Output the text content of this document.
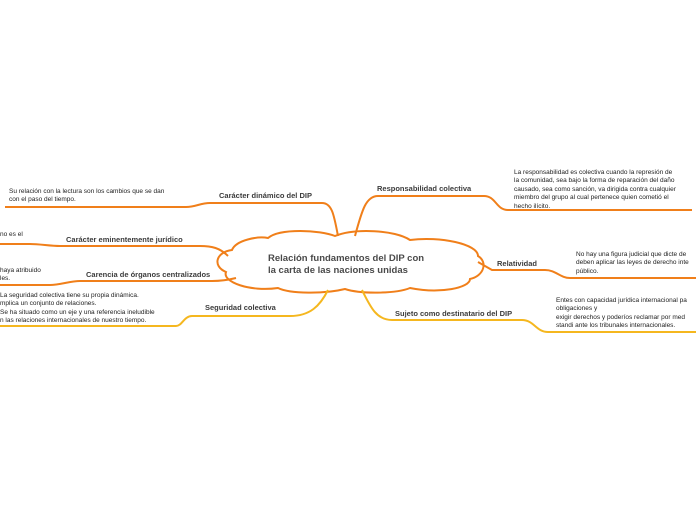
Relación fundamentos del DIP con
la carta de las naciones unidas
Carácter dinámico del DIP
Carácter eminentemente jurídico
Carencia de órganos centralizados
Seguridad colectiva
Responsabilidad colectiva
Relatividad
Sujeto como destinatario del DIP
Su relación con la lectura son los cambios que se dan
con el paso del tiempo.
no es el
haya atribuido
les.
La seguridad colectiva tiene su propia dinámica.
mplica un conjunto de relaciones.
Se ha situado como un eje y una referencia ineludible
n las relaciones internacionales de nuestro tiempo.
La responsabilidad es colectiva cuando la represión de
la comunidad, sea bajo la forma de reparación del daño
causado, sea como sanción, va dirigida contra cualquier
miembro del grupo al cual pertenece quien cometió el
hecho ilícito.
No hay una figura judicial que dicte de
deben aplicar las leyes de derecho inte
público.
Entes con capacidad jurídica internacional pa
obligaciones y
exigir derechos y poderíos reclamar por med
standi ante los tribunales internacionales.
